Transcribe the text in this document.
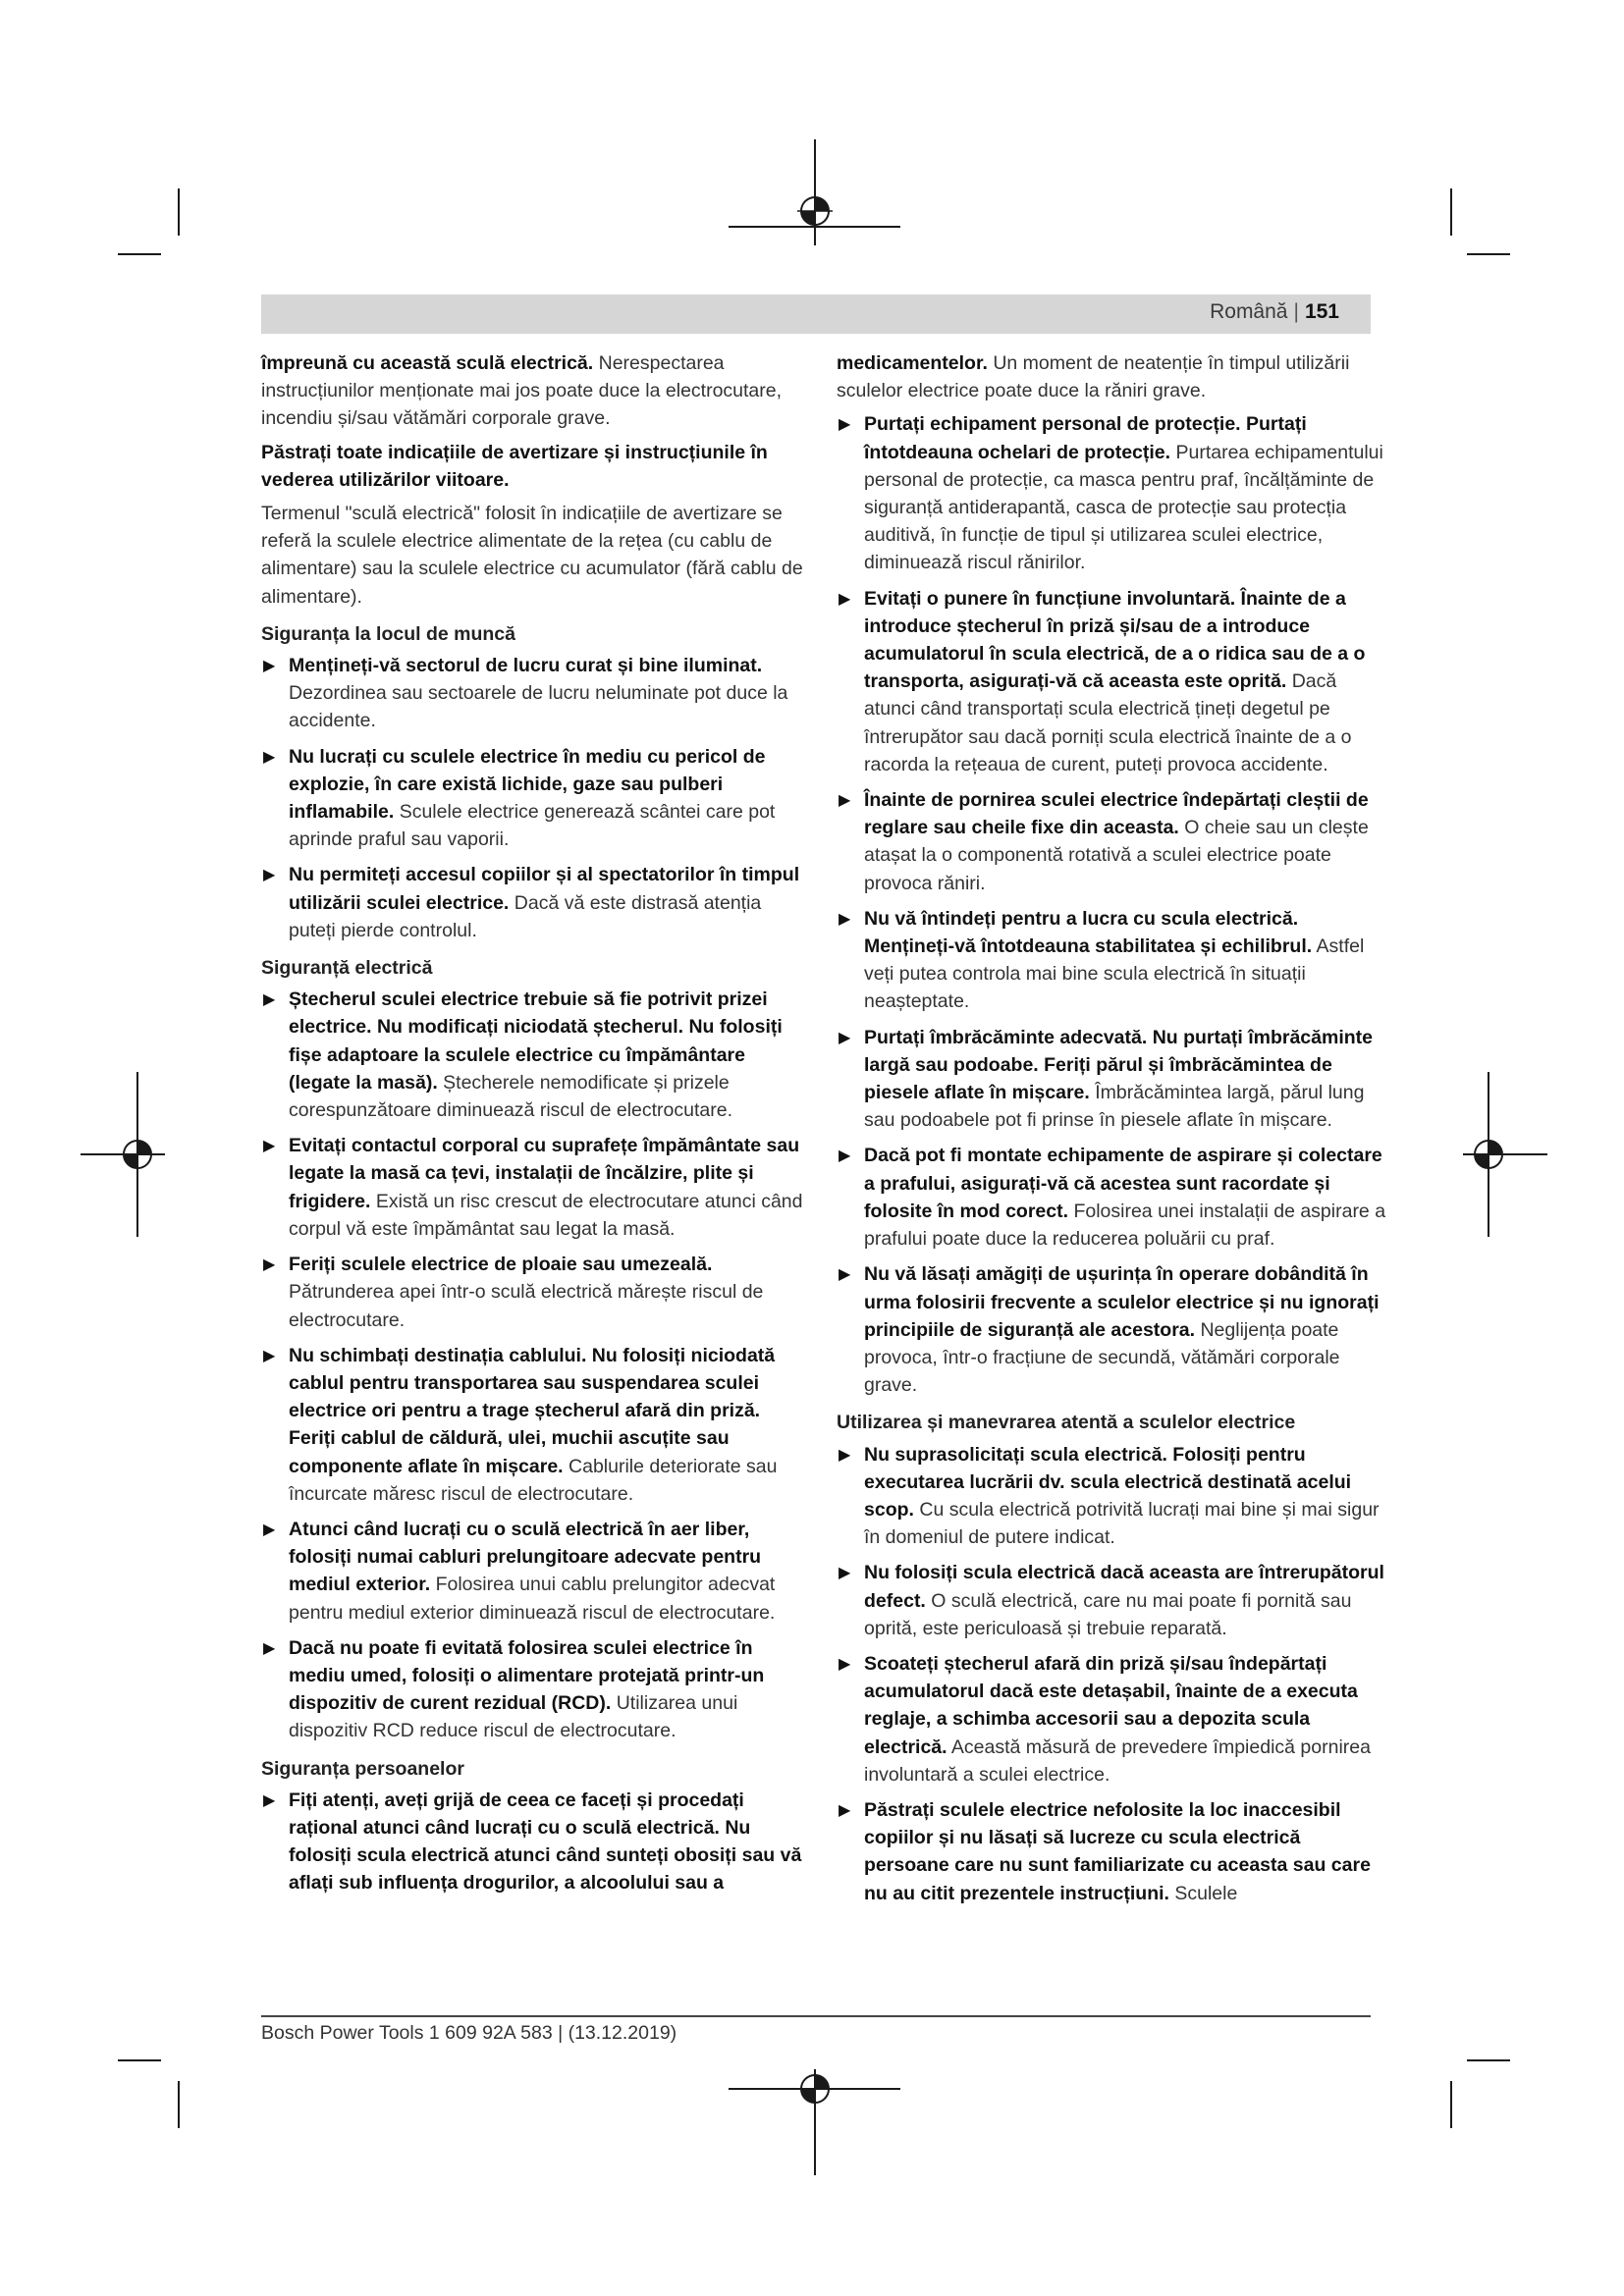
Română | 151

împreună cu această sculă electrică. Nerespectarea instrucțiunilor menționate mai jos poate duce la electrocutare, incendiu și/sau vătămări corporale grave.

Păstrați toate indicațiile de avertizare și instrucțiunile în vederea utilizărilor viitoare.

Termenul "sculă electrică" folosit în indicațiile de avertizare se referă la sculele electrice alimentate de la rețea (cu cablu de alimentare) sau la sculele electrice cu acumulator (fără cablu de alimentare).

Siguranța la locul de muncă
▶ Mențineți-vă sectorul de lucru curat și bine iluminat. Dezordinea sau sectoarele de lucru neluminate pot duce la accidente.
▶ Nu lucrați cu sculele electrice în mediu cu pericol de explozie, în care există lichide, gaze sau pulberi inflamabile. Sculele electrice generează scântei care pot aprinde praful sau vaporii.
▶ Nu permiteți accesul copiilor și al spectatorilor în timpul utilizării sculei electrice. Dacă vă este distrasă atenția puteți pierde controlul.
Siguranță electrică
▶ Ștecherul sculei electrice trebuie să fie potrivit prizei electrice. Nu modificați niciodată ștecherul. Nu folosiți fișe adaptoare la sculele electrice cu împământare (legate la masă). Ștecherele nemodificate și prizele corespunzătoare diminuează riscul de electrocutare.
▶ Evitați contactul corporal cu suprafețe împământate sau legate la masă ca țevi, instalații de încălzire, plite și frigidere. Există un risc crescut de electrocutare atunci când corpul vă este împământat sau legat la masă.
▶ Feriți sculele electrice de ploaie sau umezeală. Pătrunderea apei într-o sculă electrică mărește riscul de electrocutare.
▶ Nu schimbați destinația cablului. Nu folosiți niciodată cablul pentru transportarea sau suspendarea sculei electrice ori pentru a trage ștecherul afară din priză. Feriți cablul de căldură, ulei, muchii ascuțite sau componente aflate în mișcare. Cablurile deteriorate sau încurcate măresc riscul de electrocutare.
▶ Atunci când lucrați cu o sculă electrică în aer liber, folosiți numai cabluri prelungitoare adecvate pentru mediul exterior. Folosirea unui cablu prelungitor adecvat pentru mediul exterior diminuează riscul de electrocutare.
▶ Dacă nu poate fi evitată folosirea sculei electrice în mediu umed, folosiți o alimentare protejată printr-un dispozitiv de curent rezidual (RCD). Utilizarea unui dispozitiv RCD reduce riscul de electrocutare.
Siguranța persoanelor
▶ Fiți atenți, aveți grijă de ceea ce faceți și procedați rațional atunci când lucrați cu o sculă electrică. Nu folosiți scula electrică atunci când sunteți obosiți sau vă aflați sub influența drogurilor, a alcoolului sau a

medicamentelor. Un moment de neatenție în timpul utilizării sculelor electrice poate duce la răniri grave.

▶ Purtați echipament personal de protecție. Purtați întotdeauna ochelari de protecție. Purtarea echipamentului personal de protecție, ca masca pentru praf, încălțăminte de siguranță antiderapantă, casca de protecție sau protecția auditivă, în funcție de tipul și utilizarea sculei electrice, diminuează riscul rănirilor.
▶ Evitați o punere în funcțiune involuntară. Înainte de a introduce ștecherul în priză și/sau de a introduce acumulatorul în scula electrică, de a o ridica sau de a o transporta, asigurați-vă că aceasta este oprită. Dacă atunci când transportați scula electrică țineți degetul pe întrerupător sau dacă porniți scula electrică înainte de a o racorda la rețeaua de curent, puteți provoca accidente.
▶ Înainte de pornirea sculei electrice îndepărtați cleștii de reglare sau cheile fixe din aceasta. O cheie sau un clește atașat la o componentă rotativă a sculei electrice poate provoca răniri.
▶ Nu vă întindeți pentru a lucra cu scula electrică. Mențineți-vă întotdeauna stabilitatea și echilibrul. Astfel veți putea controla mai bine scula electrică în situații neașteptate.
▶ Purtați îmbrăcăminte adecvată. Nu purtați îmbrăcăminte largă sau podoabe. Feriți părul și îmbrăcămintea de piesele aflate în mișcare. Îmbrăcămintea largă, părul lung sau podoabele pot fi prinse în piesele aflate în mișcare.
▶ Dacă pot fi montate echipamente de aspirare și colectare a prafului, asigurați-vă că acestea sunt racordate și folosite în mod corect. Folosirea unei instalații de aspirare a prafului poate duce la reducerea poluării cu praf.
▶ Nu vă lăsați amăgiți de ușurința în operare dobândită în urma folosirii frecvente a sculelor electrice și nu ignorați principiile de siguranță ale acestora. Neglijența poate provoca, într-o fracțiune de secundă, vătămări corporale grave.
Utilizarea și manevrarea atentă a sculelor electrice
▶ Nu suprasolicitați scula electrică. Folosiți pentru executarea lucrării dv. scula electrică destinată acelui scop. Cu scula electrică potrivită lucrați mai bine și mai sigur în domeniul de putere indicat.
▶ Nu folosiți scula electrică dacă aceasta are întrerupătorul defect. O sculă electrică, care nu mai poate fi pornită sau oprită, este periculoasă și trebuie reparată.
▶ Scoateți ștecherul afară din priză și/sau îndepărtați acumulatorul dacă este detașabil, înainte de a executa reglaje, a schimba accesorii sau a depozita scula electrică. Această măsură de prevedere împiedică pornirea involuntară a sculei electrice.
▶ Păstrați sculele electrice nefolosite la loc inaccesibil copiilor și nu lăsați să lucreze cu scula electrică persoane care nu sunt familiarizate cu aceasta sau care nu au citit prezentele instrucțiuni. Sculele
Bosch Power Tools 1 609 92A 583 | (13.12.2019)
